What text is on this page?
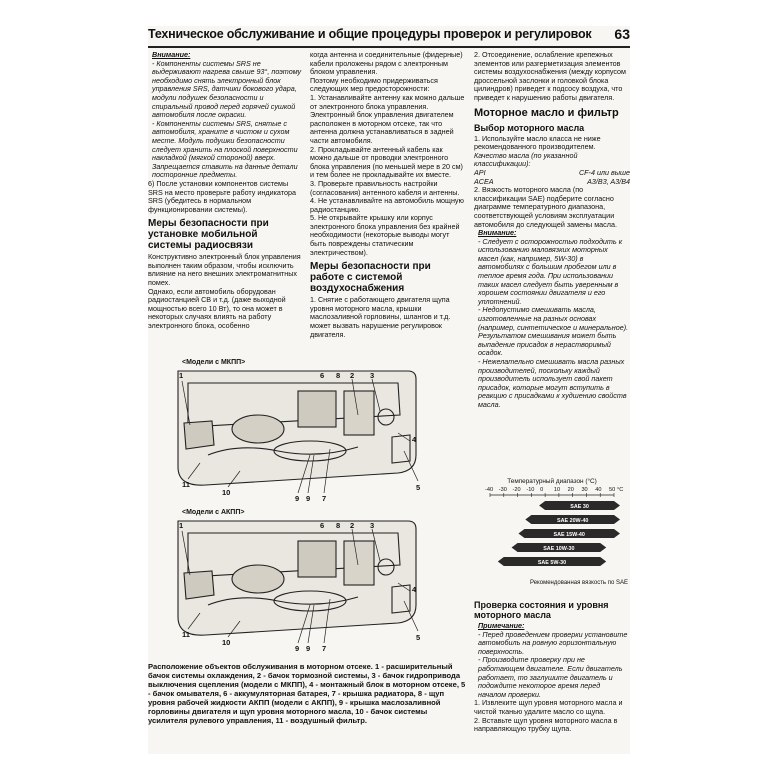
Техническое обслуживание и общие процедуры проверок и регулировок 63
Внимание:
- Компоненты системы SRS не выдерживают нагрева свыше 93°, поэтому необходимо снять электронный блок управления SRS, датчики бокового удара, модули подушек безопасности и спиральный провод перед горячей сушкой автомобиля после окраски.
- Компоненты системы SRS, снятые с автомобиля, храните в чистом и сухом месте. Модуль подушки безопасности следует хранить на плоской поверхности накладкой (мягкой стороной) вверх. Запрещается ставить на данные детали посторонние предметы.
6) После установки компонентов системы SRS на место проверьте работу индикатора SRS (убедитесь в нормальном функционировании системы).
Меры безопасности при установке мобильной системы радиосвязи
Конструктивно электронный блок управления выполнен таким образом, чтобы исключить влияние на него внешних электромагнитных помех.
Однако, если автомобиль оборудован радиостанцией СВ и т.д. (даже выходной мощностью всего 10 Вт), то она может в некоторых случаях влиять на работу электронного блока, особенно
когда антенна и соединительные (фидерные) кабели проложены рядом с электронным блоком управления.
Поэтому необходимо придерживаться следующих мер предосторожности:
1. Устанавливайте антенну как можно дальше от электронного блока управления. Электронный блок управления двигателем расположен в моторном отсеке, так что антенна должна устанавливаться в задней части автомобиля.
2. Прокладывайте антенный кабель как можно дальше от проводки электронного блока управления (по меньшей мере в 20 см) и тем более не прокладывайте их вместе.
3. Проверьте правильность настройки (согласования) антенного кабеля и антенны.
4. Не устанавливайте на автомобиль мощную радиостанцию.
5. Не открывайте крышку или корпус электронного блока управления без крайней необходимости (некоторые выводы могут быть повреждены статическим электричеством).
Меры безопасности при работе с системой воздухоснабжения
1. Снятие с работающего двигателя щупа уровня моторного масла, крышки маслозаливной горловины, шлангов и т.д. может вызвать нарушение регулировок двигателя.
2. Отсоединение, ослабление крепежных элементов или разгерметизация элементов системы воздухоснабжения (между корпусом дроссельной заслонки и головкой блока цилиндров) приведет к подсосу воздуха, что приведет к нарушению работы двигателя.
Моторное масло и фильтр
Выбор моторного масла
1. Используйте масло класса не ниже рекомендованного производителем.
Качество масла (по указанной классификации):
API	CF-4 или выше
ACEA	A3/B3, A3/B4
2. Вязкость моторного масла (по классификации SAE) подберите согласно диаграмме температурного диапазона, соответствующей условиям эксплуатации автомобиля до следующей замены масла.
Внимание:
- Следует с осторожностью подходить к использованию маловязких моторных масел (как, например, 5W-30) в автомобилях с большим пробегом или в теплое время года. При использовании таких масел следует быть уверенным в хорошем состоянии двигателя и его уплотнений.
- Недопустимо смешивать масла, изготовленные на разных основах (например, синтетическое и минеральное). Результатом смешивания может быть выпадение присадок в нерастворимый осадок.
- Нежелательно смешивать масла разных производителей, поскольку каждый производитель использует свой пакет присадок, которые могут вступить в реакцию с присадками к худшению свойств масла.
Температурный диапазон (°C)
-40 -30 -20 -10 0 10 20 30 40 50 °C
SAE 30
SAE 20W-40
SAE 15W-40
SAE 10W-30
SAE 5W-30
Рекомендованная вязкость по SAE
Проверка состояния и уровня моторного масла
Примечание:
- Перед проведением проверки установите автомобиль на ровную горизонтальную поверхность.
- Производите проверку при не работающем двигателе. Если двигатель работает, то заглушите двигатель и подождите некоторое время перед началом проверки.
1. Извлеките щуп уровня моторного масла и чистой тканью удалите масло со щупа.
2. Вставьте щуп уровня моторного масла в направляющую трубку щупа.
<Модели с МКПП>
<Модели с АКПП>
1	2 3
4
5
6
7
8
9 9
10
11
1	2 3
4
5
6
7
8
9 9
10
11
Расположение объектов обслуживания в моторном отсеке. 1 - расширительный бачок системы охлаждения, 2 - бачок тормозной системы, 3 - бачок гидропривода выключения сцепления (модели с МКПП), 4 - монтажный блок в моторном отсеке, 5 - бачок омывателя, 6 - аккумуляторная батарея, 7 - крышка радиатора, 8 - щуп уровня рабочей жидкости АКПП (модели с АКПП), 9 - крышка маслозаливной горловины двигателя и щуп уровня моторного масла, 10 - бачок системы усилителя рулевого управления, 11 - воздушный фильтр.
